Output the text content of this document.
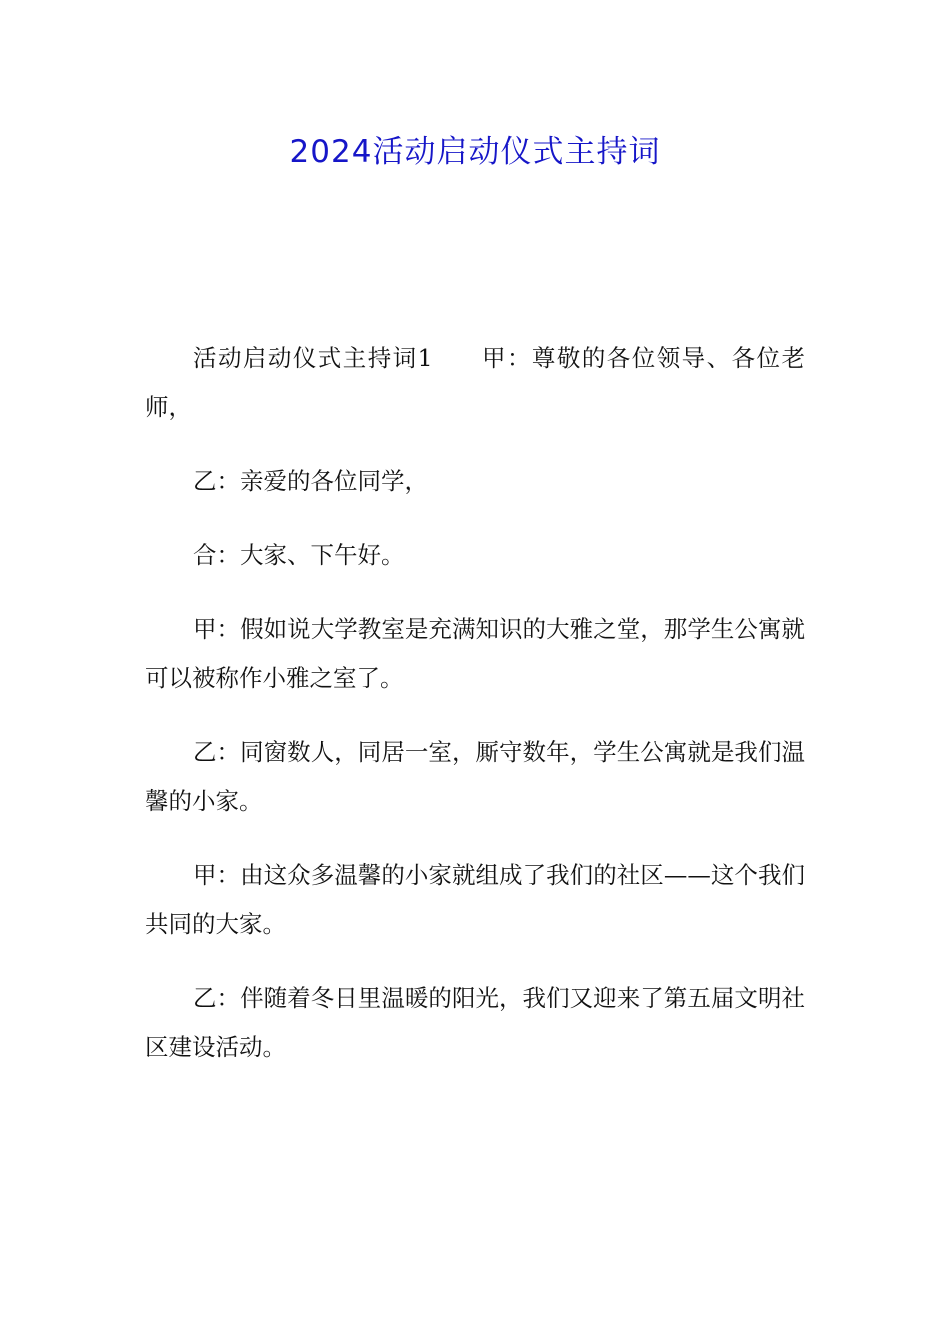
2024活动启动仪式主持词

活动启动仪式主持词1 甲：尊敬的各位领导、各位老师，

乙：亲爱的各位同学，

合：大家、下午好。

甲：假如说大学教室是充满知识的大雅之堂，那学生公寓就可以被称作小雅之室了。

乙：同窗数人，同居一室，厮守数年，学生公寓就是我们温馨的小家。

甲：由这众多温馨的小家就组成了我们的社区——这个我们共同的大家。

乙：伴随着冬日里温暖的阳光，我们又迎来了第五届文明社区建设活动。
